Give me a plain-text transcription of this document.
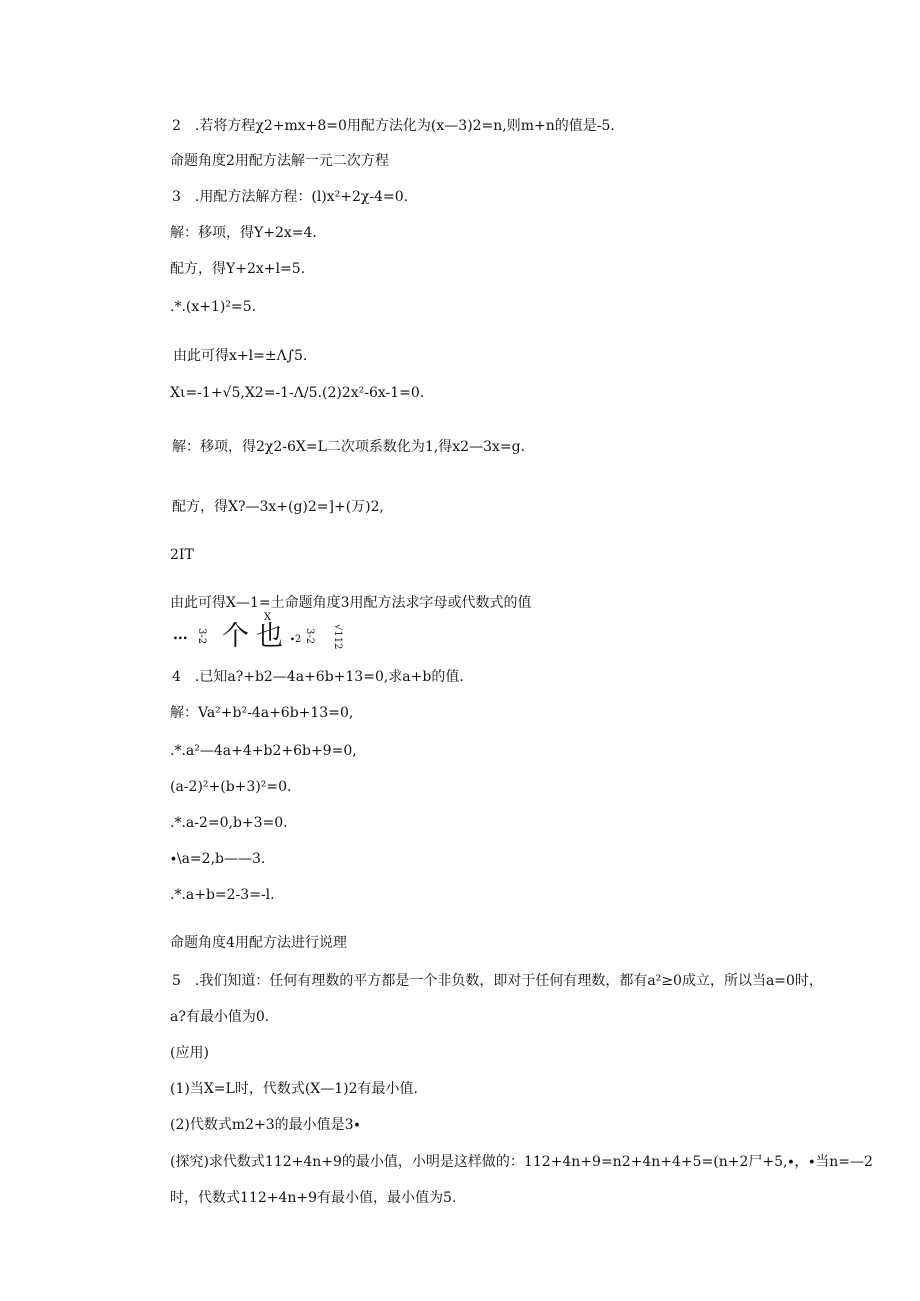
2　.若将方程χ2+mx+8=0用配方法化为(x—3)2=n,则m+n的值是-5.
命题角度2用配方法解一元二次方程
3　.用配方法解方程：(l)x²+2χ-4=0.
解：移项，得Y+2x=4.
配方，得Y+2x+l=5.
.*.(x+1)²=5.
由此可得x+l=±Λ∫5.
Xι=-1+√5,X2=-1-Λ∕5.(2)2x²-6x-1=0.
解：移项，得2χ2-6X=L二次项系数化为1,得x2—3x=g.
配方，得X?—3x+(g)2=]+(万)2,
2IT
由此可得X—1=土命题角度3用配方法求字母或代数式的值
∙∙∙ 3-2 个 也
X
∙2 3-2 √112
4　.已知a?+b2—4a+6b+13=0,求a+b的值.
解：Va²+b²-4a+6b+13=0,
.*.a²—4a+4+b2+6b+9=0,
(a-2)²+(b+3)²=0.
.*.a-2=0,b+3=0.
∙\a=2,b——3.
.*.a+b=2-3=-l.
命题角度4用配方法进行说理
5　.我们知道：任何有理数的平方都是一个非负数，即对于任何有理数，都有a²≥0成立，所以当a=0时，
a?有最小值为0.
(应用)
(1)当X=L时，代数式(X—1)2有最小值.
(2)代数式m2+3的最小值是3∙
(探究)求代数式112+4n+9的最小值，小明是这样做的：112+4n+9=n2+4n+4+5=(n+2尸+5,∙，∙当n=—2
时，代数式112+4n+9有最小值，最小值为5.
